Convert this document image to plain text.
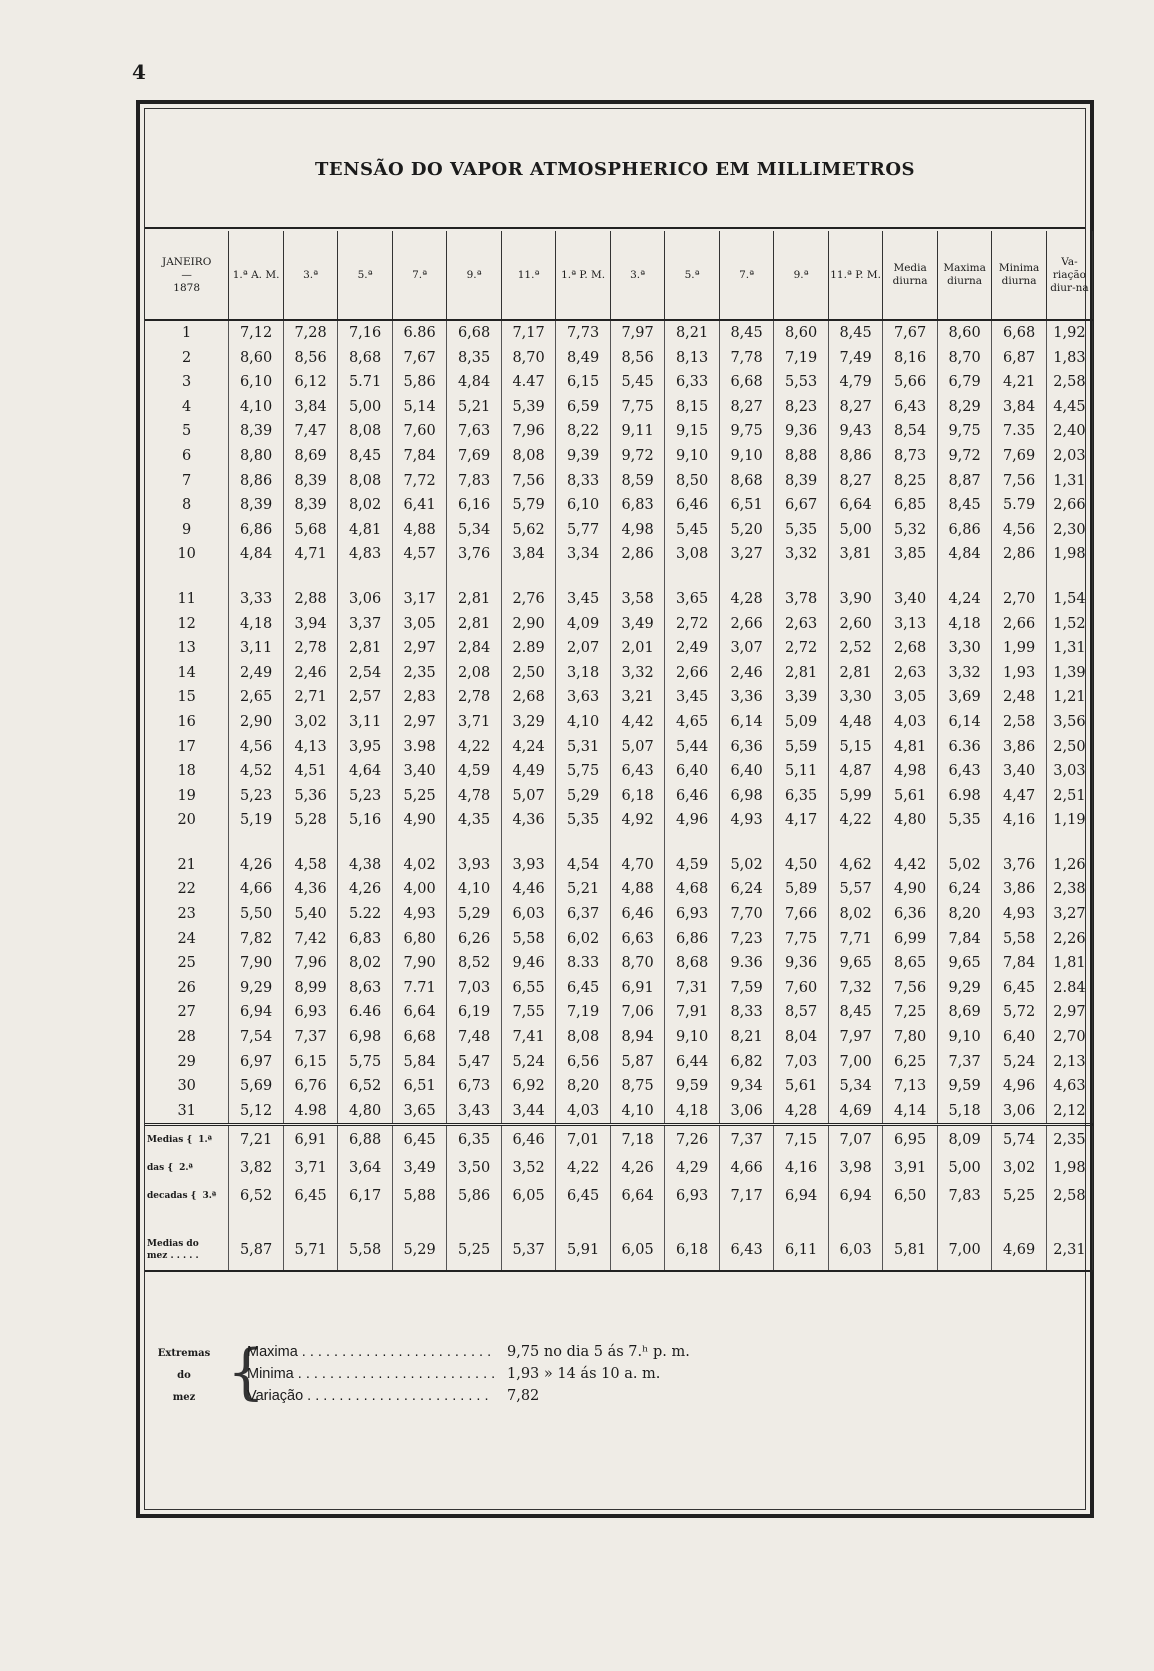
4
TENSÃO DO VAPOR ATMOSPHERICO EM MILLIMETROS
JANEIRO
—
1878	1.ª A. M.	3.ª	5.ª	7.ª	9.ª	11.ª	1.ª P. M.	3.ª	5.ª	7.ª	9.ª	11.ª P. M.	Media diurna	Maxima diurna	Minima diurna	Va-riação diur-na
1	7,12	7,28	7,16	6.86	6,68	7,17	7,73	7,97	8,21	8,45	8,60	8,45	7,67	8,60	6,68	1,92
2	8,60	8,56	8,68	7,67	8,35	8,70	8,49	8,56	8,13	7,78	7,19	7,49	8,16	8,70	6,87	1,83
3	6,10	6,12	5.71	5,86	4,84	4.47	6,15	5,45	6,33	6,68	5,53	4,79	5,66	6,79	4,21	2,58
4	4,10	3,84	5,00	5,14	5,21	5,39	6,59	7,75	8,15	8,27	8,23	8,27	6,43	8,29	3,84	4,45
5	8,39	7,47	8,08	7,60	7,63	7,96	8,22	9,11	9,15	9,75	9,36	9,43	8,54	9,75	7.35	2,40
6	8,80	8,69	8,45	7,84	7,69	8,08	9,39	9,72	9,10	9,10	8,88	8,86	8,73	9,72	7,69	2,03
7	8,86	8,39	8,08	7,72	7,83	7,56	8,33	8,59	8,50	8,68	8,39	8,27	8,25	8,87	7,56	1,31
8	8,39	8,39	8,02	6,41	6,16	5,79	6,10	6,83	6,46	6,51	6,67	6,64	6,85	8,45	5.79	2,66
9	6,86	5,68	4,81	4,88	5,34	5,62	5,77	4,98	5,45	5,20	5,35	5,00	5,32	6,86	4,56	2,30
10	4,84	4,71	4,83	4,57	3,76	3,84	3,34	2,86	3,08	3,27	3,32	3,81	3,85	4,84	2,86	1,98

11	3,33	2,88	3,06	3,17	2,81	2,76	3,45	3,58	3,65	4,28	3,78	3,90	3,40	4,24	2,70	1,54
12	4,18	3,94	3,37	3,05	2,81	2,90	4,09	3,49	2,72	2,66	2,63	2,60	3,13	4,18	2,66	1,52
13	3,11	2,78	2,81	2,97	2,84	2.89	2,07	2,01	2,49	3,07	2,72	2,52	2,68	3,30	1,99	1,31
14	2,49	2,46	2,54	2,35	2,08	2,50	3,18	3,32	2,66	2,46	2,81	2,81	2,63	3,32	1,93	1,39
15	2,65	2,71	2,57	2,83	2,78	2,68	3,63	3,21	3,45	3,36	3,39	3,30	3,05	3,69	2,48	1,21
16	2,90	3,02	3,11	2,97	3,71	3,29	4,10	4,42	4,65	6,14	5,09	4,48	4,03	6,14	2,58	3,56
17	4,56	4,13	3,95	3.98	4,22	4,24	5,31	5,07	5,44	6,36	5,59	5,15	4,81	6.36	3,86	2,50
18	4,52	4,51	4,64	3,40	4,59	4,49	5,75	6,43	6,40	6,40	5,11	4,87	4,98	6,43	3,40	3,03
19	5,23	5,36	5,23	5,25	4,78	5,07	5,29	6,18	6,46	6,98	6,35	5,99	5,61	6.98	4,47	2,51
20	5,19	5,28	5,16	4,90	4,35	4,36	5,35	4,92	4,96	4,93	4,17	4,22	4,80	5,35	4,16	1,19

21	4,26	4,58	4,38	4,02	3,93	3,93	4,54	4,70	4,59	5,02	4,50	4,62	4,42	5,02	3,76	1,26
22	4,66	4,36	4,26	4,00	4,10	4,46	5,21	4,88	4,68	6,24	5,89	5,57	4,90	6,24	3,86	2,38
23	5,50	5,40	5.22	4,93	5,29	6,03	6,37	6,46	6,93	7,70	7,66	8,02	6,36	8,20	4,93	3,27
24	7,82	7,42	6,83	6,80	6,26	5,58	6,02	6,63	6,86	7,23	7,75	7,71	6,99	7,84	5,58	2,26
25	7,90	7,96	8,02	7,90	8,52	9,46	8.33	8,70	8,68	9.36	9,36	9,65	8,65	9,65	7,84	1,81
26	9,29	8,99	8,63	7.71	7,03	6,55	6,45	6,91	7,31	7,59	7,60	7,32	7,56	9,29	6,45	2.84
27	6,94	6,93	6.46	6,64	6,19	7,55	7,19	7,06	7,91	8,33	8,57	8,45	7,25	8,69	5,72	2,97
28	7,54	7,37	6,98	6,68	7,48	7,41	8,08	8,94	9,10	8,21	8,04	7,97	7,80	9,10	6,40	2,70
29	6,97	6,15	5,75	5,84	5,47	5,24	6,56	5,87	6,44	6,82	7,03	7,00	6,25	7,37	5,24	2,13
30	5,69	6,76	6,52	6,51	6,73	6,92	8,20	8,75	9,59	9,34	5,61	5,34	7,13	9,59	4,96	4,63
31	5,12	4.98	4,80	3,65	3,43	3,44	4,03	4,10	4,18	3,06	4,28	4,69	4,14	5,18	3,06	2,12
Medias { 1.ª	7,21	6,91	6,88	6,45	6,35	6,46	7,01	7,18	7,26	7,37	7,15	7,07	6,95	8,09	5,74	2,35
das { 2.ª	3,82	3,71	3,64	3,49	3,50	3,52	4,22	4,26	4,29	4,66	4,16	3,98	3,91	5,00	3,02	1,98
decadas { 3.ª	6,52	6,45	6,17	5,88	5,86	6,05	6,45	6,64	6,93	7,17	6,94	6,94	6,50	7,83	5,25	2,58

Medias do
mez . . . . .	5,87	5,71	5,58	5,29	5,25	5,37	5,91	6,05	6,18	6,43	6,11	6,03	5,81	7,00	4,69	2,31
Extremas
do
mez {
Maxima . . . . . . . . . . . . . . . . . . . . . . . . 9,75 no dia 5 ás 7.ʰ p. m.
Minima . . . . . . . . . . . . . . . . . . . . . . . . . 1,93 » 14 ás 10 a. m.
Variação . . . . . . . . . . . . . . . . . . . . . . . 7,82
